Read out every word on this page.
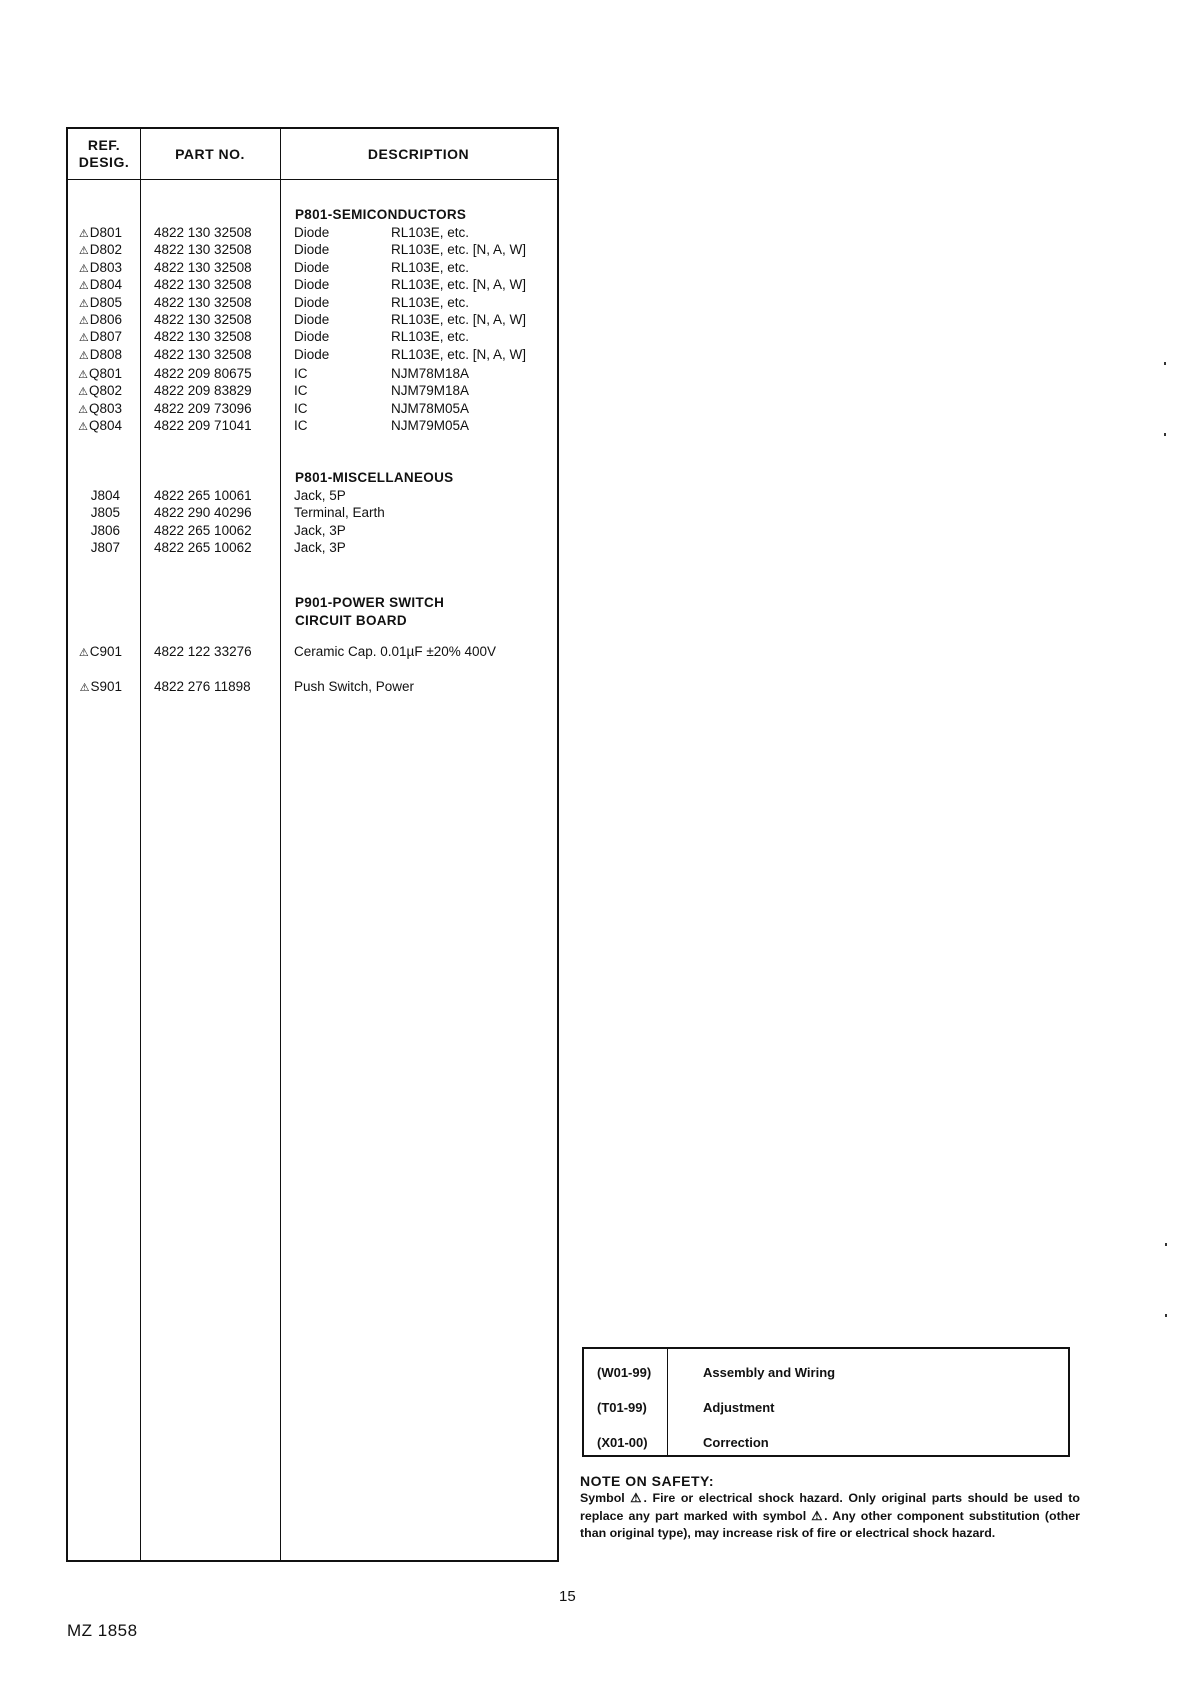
REF. DESIG.
PART NO.	DESCRIPTION
P801-SEMICONDUCTORS
⚠D801 4822 130 32508	Diode	RL103E, etc.
⚠D802 4822 130 32508	Diode	RL103E, etc. [N, A, W]
⚠D803 4822 130 32508	Diode	RL103E, etc.
⚠D804 4822 130 32508	Diode	RL103E, etc. [N, A, W]
⚠D805 4822 130 32508	Diode	RL103E, etc.
⚠D806 4822 130 32508	Diode	RL103E, etc. [N, A, W]
⚠D807 4822 130 32508	Diode	RL103E, etc.
⚠D808 4822 130 32508	Diode	RL103E, etc. [N, A, W]
⚠Q801 4822 209 80675	IC	NJM78M18A
⚠Q802 4822 209 83829	IC	NJM79M18A
⚠Q803 4822 209 73096	IC	NJM78M05A
⚠Q804 4822 209 71041	IC	NJM79M05A
P801-MISCELLANEOUS
J804	4822 265 10061	Jack, 5P
J805	4822 290 40296	Terminal, Earth
J806	4822 265 10062	Jack, 3P
J807	4822 265 10062	Jack, 3P
P901-POWER SWITCH
CIRCUIT BOARD
⚠C901 4822 122 33276	Ceramic Cap. 0.01µF ±20% 400V
⚠S901 4822 276 11898	Push Switch, Power
(W01-99)	Assembly and Wiring
(T01-99)	Adjustment
(X01-00)	Correction
NOTE ON SAFETY:
Symbol ⚠. Fire or electrical shock hazard. Only original parts should be used to replace any part marked with symbol ⚠. Any other component substitution (other than original type), may increase risk of fire or electrical shock hazard.
15
MZ 1858
